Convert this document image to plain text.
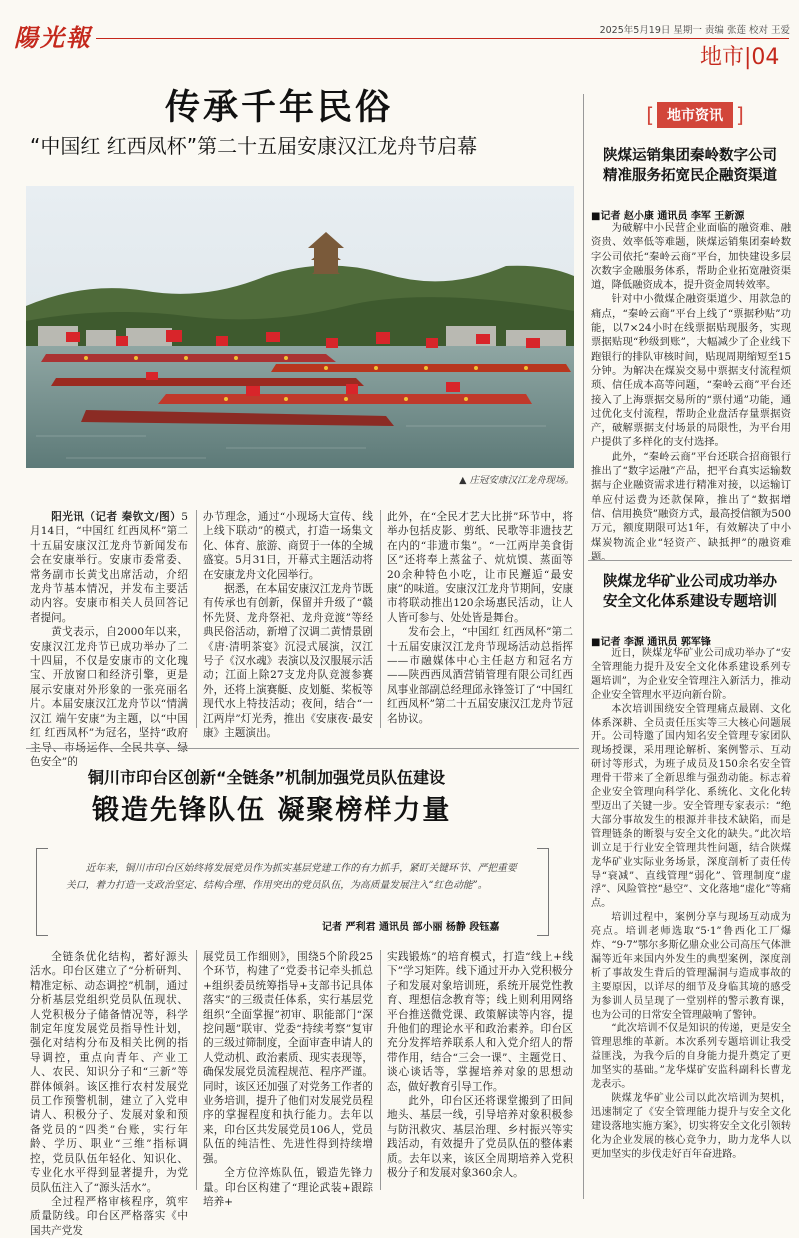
陽光報	2025年5月19日 星期一 责编 张莲 校对 王爱
地市|04
传承千年民俗
“中国红 红西凤杯”第二十五届安康汉江龙舟节启幕
▲ 庄冠安康汉江龙舟现场。

阳光讯（记者 秦钦文/图）5月14日，“中国红 红西凤杯”第二十五届安康汉江龙舟节新闻发布会在安康举行。安康市委常委、常务副市长黄戈出席活动，介绍龙舟节基本情况，并发布主要活动内容。安康市相关人员回答记者提问。

黄戈表示，自2000年以来，安康汉江龙舟节已成功举办了二十四届，不仅是安康市的文化瑰宝、开放窗口和经济引擎，更是展示安康对外形象的一张亮丽名片。本届安康汉江龙舟节以“情满汉江 端午安康”为主题，以“中国红 红西凤杯”为冠名，坚持“政府主导、市场运作、全民共享、绿色安全”的

办节理念，通过“小现场大宣传、线上线下联动”的模式，打造一场集文化、体育、旅游、商贸于一体的全城盛宴。5月31日，开幕式主题活动将在安康龙舟文化园举行。

据悉，在本届安康汉江龙舟节既有传承也有创新，保留并升级了“赣怀先贤、龙舟祭祀、龙舟竞渡”等经典民俗活动，新增了汉调二黄情景剧《唐·清明茶宴》沉浸式展演，汉江号子《汉水魂》表演以及汉服展示活动；江面上除27支龙舟队竞渡参赛外，还将上演赛艇、皮划艇、桨板等现代水上特技活动；夜间，结合“一江两岸”灯光秀，推出《安康夜·最安康》主题演出。

此外，在“全民才艺大比拼”环节中，将举办包括皮影、剪纸、民歌等非遗技艺在内的“非遗市集”。“一江两岸美食街区”还将奉上蒸盆子、炕炕馍、蒸面等20余种特色小吃，让市民邂逅“最安康”的味道。安康汉江龙舟节期间，安康市将联动推出120余场惠民活动，让人人皆可参与、处处皆是舞台。

发布会上，“中国红 红西凤杯”第二十五届安康汉江龙舟节现场活动总指挥——市融媒体中心主任赵方和冠名方——陕西西凤酒营销管理有限公司红西凤事业部副总经理邱永锋签订了“中国红 红西凤杯”第二十五届安康汉江龙舟节冠名协议。

[ 地市资讯 ]
陕煤运销集团秦岭数字公司
精准服务拓宽民企融资渠道
■记者 赵小康 通讯员 李军 王新源

为破解中小民营企业面临的融资难、融资贵、效率低等难题，陕煤运销集团秦岭数字公司依托“秦岭云商”平台，加快建设多层次数字金融服务体系，帮助企业拓宽融资渠道，降低融资成本，提升资金周转效率。

针对中小微煤企融资渠道少、用款急的痛点，“秦岭云商”平台上线了“票据秒贴”功能，以7×24小时在线票据贴现服务，实现票据贴现“秒级到账”，大幅减少了企业线下跑银行的排队审核时间，贴现周期缩短至15分钟。为解决在煤炭交易中票据支付流程烦琐、信任成本高等问题，“秦岭云商”平台还接入了上海票据交易所的“票付通”功能，通过优化支付流程，帮助企业盘活存量票据资产，破解票据支付场景的局限性，为平台用户提供了多样化的支付选择。

此外，“秦岭云商”平台还联合招商银行推出了“数字运融”产品，把平台真实运输数据与企业融资需求进行精准对接，以运输订单应付运费为还款保障，推出了“数据增信、信用换贷”融资方式，最高授信额为500万元，额度期限可达1年，有效解决了中小煤炭物流企业“轻资产、缺抵押”的融资难题。

陕煤龙华矿业公司成功举办
安全文化体系建设专题培训
■记者 李源 通讯员 郭军锋

近日，陕煤龙华矿业公司成功举办了“安全管理能力提升及安全文化体系建设系列专题培训”，为企业安全管理注入新活力，推动企业安全管理水平迈向新台阶。

本次培训围绕安全管理痛点最剧、文化体系深耕、全员责任压实等三大核心问题展开。公司特邀了国内知名安全管理专家团队现场授课，采用理论解析、案例警示、互动研讨等形式，为班子成员及150余名安全管理骨干带来了全新思维与强劲动能。标志着企业安全管理向科学化、系统化、文化化转型迈出了关键一步。安全管理专家表示：“绝大部分事故发生的根源并非技术缺陷，而是管理链条的断裂与安全文化的缺失。”此次培训立足于行业安全管理共性问题，结合陕煤龙华矿业实际业务场景，深度剖析了责任传导“衰减”、直线管理“弱化”、管理制度“虚浮”、风险管控“悬空”、文化落地“虚化”等痛点。

培训过程中，案例分享与现场互动成为亮点。培训老师选取“5·1”鲁西化工厂爆炸、“9·7”鄂尔多斯亿鼎众业公司高压气体泄漏等近年来国内外发生的典型案例，深度剖析了事故发生背后的管理漏洞与造成事故的主要原因，以详尽的细节及身临其境的感受为参训人员呈现了一堂别样的警示教育课，也为公司的日常安全管理敲响了警钟。

“此次培训不仅是知识的传递，更是安全管理思维的革新。本次系列专题培训让我受益匪浅，为我今后的自身能力提升奠定了更加坚实的基础。”龙华煤矿安监科副科长曹龙龙表示。

陕煤龙华矿业公司以此次培训为契机，迅速制定了《安全管理能力提升与安全文化建设落地实施方案》，切实将安全文化引领转化为企业发展的核心竞争力，助力龙华人以更加坚实的步伐走好百年奋进路。

铜川市印台区创新“全链条”机制加强党员队伍建设
锻造先锋队伍 凝聚榜样力量
近年来，铜川市印台区始终将发展党员作为抓实基层党建工作的有力抓手，紧盯关键环节、严把重要关口，着力打造一支政治坚定、结构合理、作用突出的党员队伍，为高质量发展注入“红色动能”。
记者 严利君 通讯员 部小丽 杨静 段钰嘉

全链条优化结构，蓄好源头活水。印台区建立了“分析研判、精准定标、动态调控”机制，通过分析基层党组织党员队伍现状、人党积极分子储备情况等，科学制定年度发展党员指导性计划，强化对结构分布及相关比例的指导调控，重点向青年、产业工人、农民、知识分子和“三新”等群体倾斜。该区推行农村发展党员工作预警机制，建立了入党申请人、积极分子、发展对象和预备党员的“四类”台账，实行年龄、学历、职业“三维”指标调控，党员队伍年轻化、知识化、专业化水平得到显著提升，为党员队伍注入了“源头活水”。

全过程严格审核程序，筑牢质量防线。印台区严格落实《中国共产党发

展党员工作细则》，围绕5个阶段25个环节，构建了“党委书记牵头抓总+组织委员统筹指导+支部书记具体落实”的三级责任体系，实行基层党组织“全面掌握”初审、职能部门“深挖问题”联审、党委“持续考察”复审的三级过筛制度，全面审查申请人的人党动机、政治素质、现实表现等，确保发展党员流程规范、程序严谨。同时，该区还加强了对党务工作者的业务培训，提升了他们对发展党员程序的掌握程度和执行能力。去年以来，印台区共发展党员106人，党员队伍的纯洁性、先进性得到持续增强。

全方位淬炼队伍，锻造先锋力量。印台区构建了“理论武装+跟踪培养+

实践锻炼”的培育模式，打造“线上+线下”学习矩阵。线下通过开办入党积极分子和发展对象培训班，系统开展党性教育、理想信念教育等；线上则利用网络平台推送微党课、政策解读等内容，提升他们的理论水平和政治素养。印台区充分发挥培养联系人和入党介绍人的帮带作用，结合“三会一课”、主题党日、谈心谈话等，掌握培养对象的思想动态，做好教育引导工作。

此外，印台区还将课堂搬到了田间地头、基层一线，引导培养对象积极参与防汛救灾、基层治理、乡村振兴等实践活动，有效提升了党员队伍的整体素质。去年以来，该区全周期培养入党积极分子和发展对象360余人。
